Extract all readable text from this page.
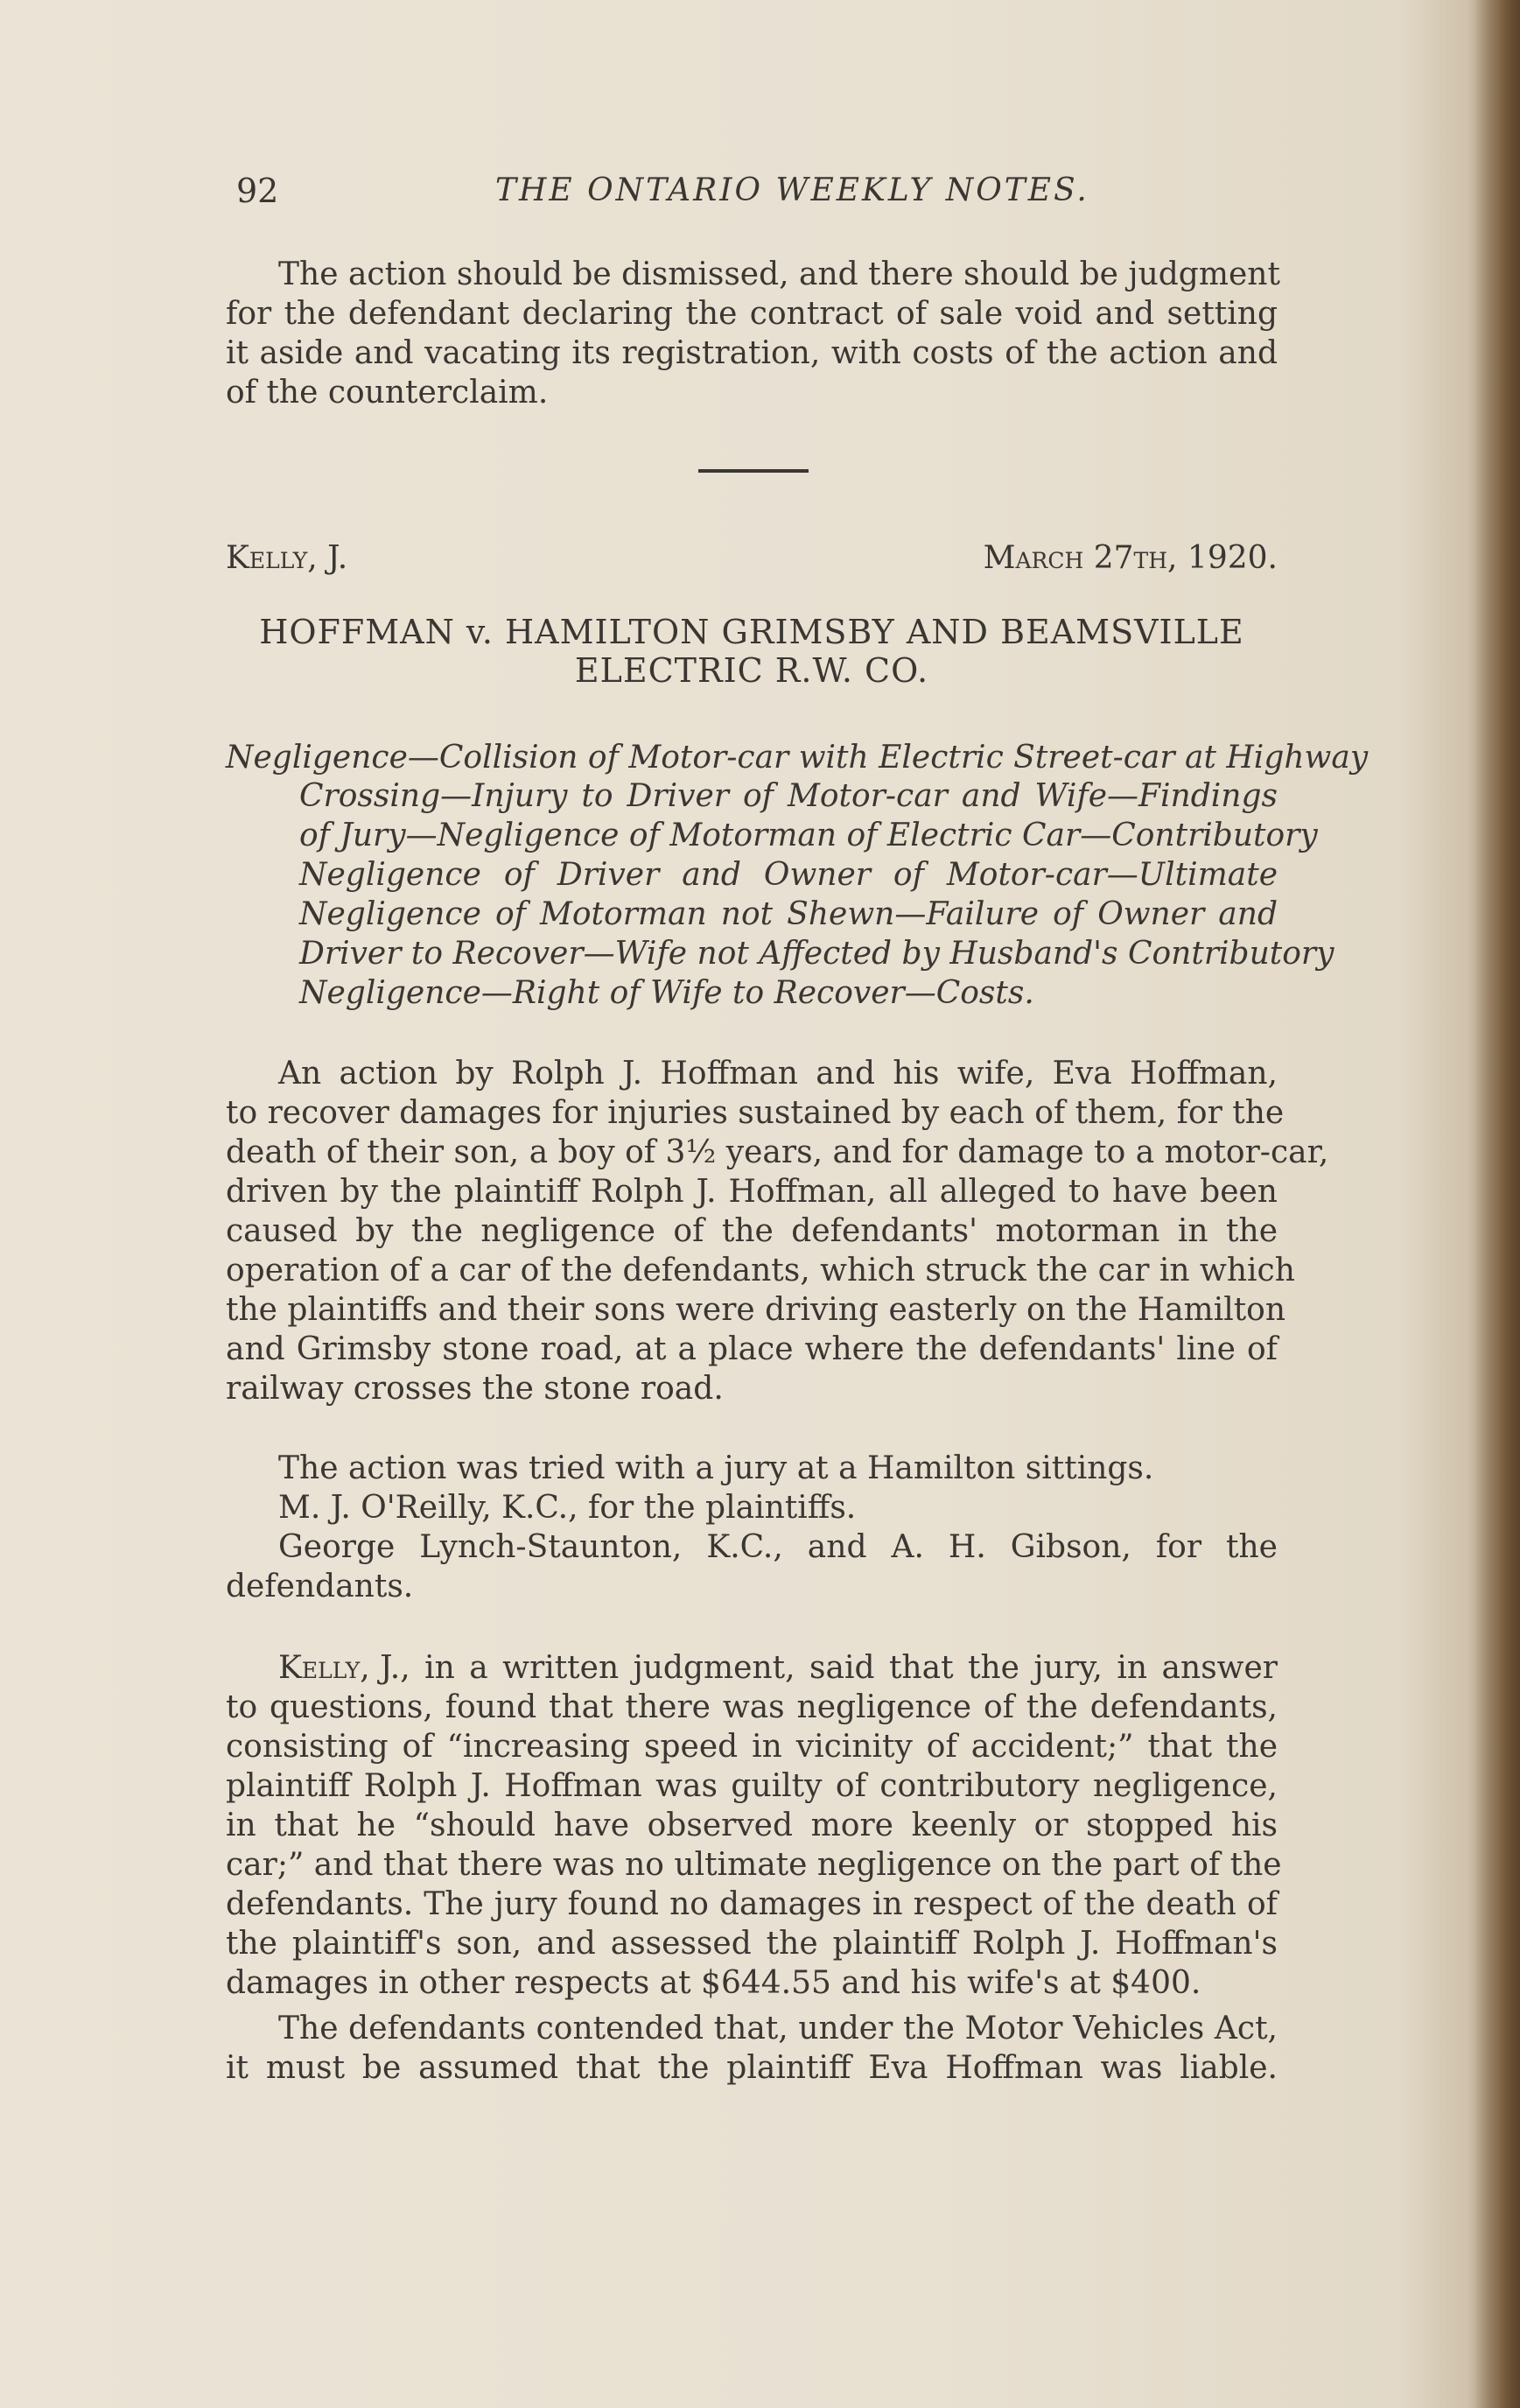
92	THE ONTARIO WEEKLY NOTES.
The action should be dismissed, and there should be judgment
for the defendant declaring the contract of sale void and setting
it aside and vacating its registration, with costs of the action and
of the counterclaim.
Kelly, J.	March 27th, 1920.
HOFFMAN v. HAMILTON GRIMSBY AND BEAMSVILLE
ELECTRIC R.W. CO.
Negligence—Collision of Motor-car with Electric Street-car at Highway
Crossing—Injury to Driver of Motor-car and Wife—Findings
of Jury—Negligence of Motorman of Electric Car—Contributory
Negligence of Driver and Owner of Motor-car—Ultimate
Negligence of Motorman not Shewn—Failure of Owner and
Driver to Recover—Wife not Affected by Husband's Contributory
Negligence—Right of Wife to Recover—Costs.
An action by Rolph J. Hoffman and his wife, Eva Hoffman,
to recover damages for injuries sustained by each of them, for the
death of their son, a boy of 3½ years, and for damage to a motor-car,
driven by the plaintiff Rolph J. Hoffman, all alleged to have been
caused by the negligence of the defendants' motorman in the
operation of a car of the defendants, which struck the car in which
the plaintiffs and their sons were driving easterly on the Hamilton
and Grimsby stone road, at a place where the defendants' line of
railway crosses the stone road.
The action was tried with a jury at a Hamilton sittings.
M. J. O'Reilly, K.C., for the plaintiffs.
George Lynch-Staunton, K.C., and A. H. Gibson, for the
defendants.
Kelly, J. , in a written judgment, said that the jury, in answer
to questions, found that there was negligence of the defendants,
consisting of “increasing speed in vicinity of accident;” that the
plaintiff Rolph J. Hoffman was guilty of contributory negligence,
in that he “should have observed more keenly or stopped his
car;” and that there was no ultimate negligence on the part of the
defendants. The jury found no damages in respect of the death of
the plaintiff's son, and assessed the plaintiff Rolph J. Hoffman's
damages in other respects at $644.55 and his wife's at $400.
The defendants contended that, under the Motor Vehicles Act,
it must be assumed that the plaintiff Eva Hoffman was liable.
